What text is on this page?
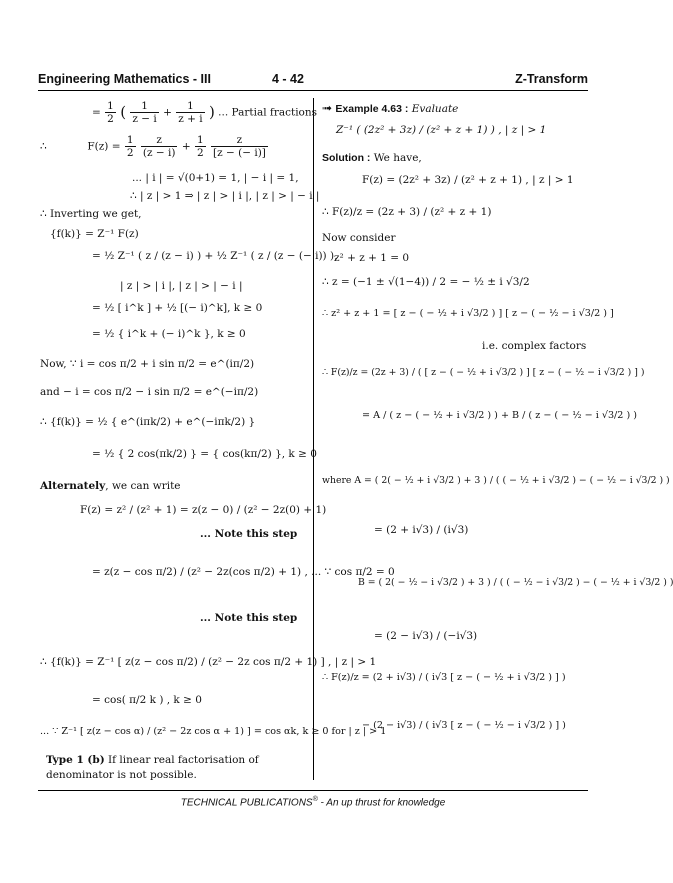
Engineering Mathematics - III	4 - 42	Z-Transform
= $\frac{1}{2}$ ( $\frac{1}{z - i} + \frac{1}{z + i}$ ) ... Partial fractions
∴	$F(z) = \frac{1}{2}$
$\frac{z}{(z - i)} + \frac{1}{2}$
$\frac{z}{[z - (- i)]}$
... | i | = √(0+1) = 1, | − i | = 1,
∴ | z | > 1 ⇒ | z | > | i |, | z | > | − i |
∴ Inverting we get,
{f(k)} = Z⁻¹ F(z)
= ½ Z⁻¹ ( z / (z − i) ) + ½ Z⁻¹ ( z / (z − (− i)) ),
| z | > | i |, | z | > | − i |
= ½ [ i^k ] + ½ [(− i)^k], k ≥ 0
= ½ { i^k + (− i)^k }, k ≥ 0
Now, ∵ i = cos π/2 + i sin π/2 = e^(iπ/2)
and − i = cos π/2 − i sin π/2 = e^(−iπ/2)
∴ {f(k)} = ½ { e^(iπk/2) + e^(−iπk/2) }
= ½ { 2 cos(πk/2) } = { cos(kπ/2) }, k ≥ 0
Alternately, we can write
F(z) = z² / (z² + 1) = z(z − 0) / (z² − 2z(0) + 1)
... Note this step
= z(z − cos π/2) / (z² − 2z(cos π/2) + 1) , ... ∵ cos π/2 = 0
... Note this step
∴ {f(k)} = Z⁻¹ [ z(z − cos π/2) / (z² − 2z cos π/2 + 1) ] , | z | > 1
= cos( π/2 k ) , k ≥ 0
... ∵ Z⁻¹ [ z(z − cos α) / (z² − 2z cos α + 1) ] = cos αk, k ≥ 0 for | z | > 1
Type 1 (b) If linear real factorisation of
denominator is not possible.
➟ Example 4.63 : Evaluate
Z⁻¹ ( (2z² + 3z) / (z² + z + 1) ) , | z | > 1
Solution : We have,
F(z) = (2z² + 3z) / (z² + z + 1) , | z | > 1
∴ F(z)/z = (2z + 3) / (z² + z + 1)
Now consider
z² + z + 1 = 0
∴ z = (−1 ± √(1−4)) / 2 = − ½ ± i √3/2
∴ z² + z + 1 = [ z − ( − ½ + i √3/2 ) ] [ z − ( − ½ − i √3/2 ) ]
i.e. complex factors
∴ F(z)/z = (2z + 3) / ( [ z − ( − ½ + i √3/2 ) ] [ z − ( − ½ − i √3/2 ) ] )
= A / ( z − ( − ½ + i √3/2 ) ) + B / ( z − ( − ½ − i √3/2 ) )
where A = ( 2( − ½ + i √3/2 ) + 3 ) / ( ( − ½ + i √3/2 ) − ( − ½ − i √3/2 ) )
= (2 + i√3) / (i√3)
B = ( 2( − ½ − i √3/2 ) + 3 ) / ( ( − ½ − i √3/2 ) − ( − ½ + i √3/2 ) )
= (2 − i√3) / (−i√3)
∴ F(z)/z = (2 + i√3) / ( i√3 [ z − ( − ½ + i √3/2 ) ] )
− (2 − i√3) / ( i√3 [ z − ( − ½ − i √3/2 ) ] )
TECHNICAL PUBLICATIONS® - An up thrust for knowledge
